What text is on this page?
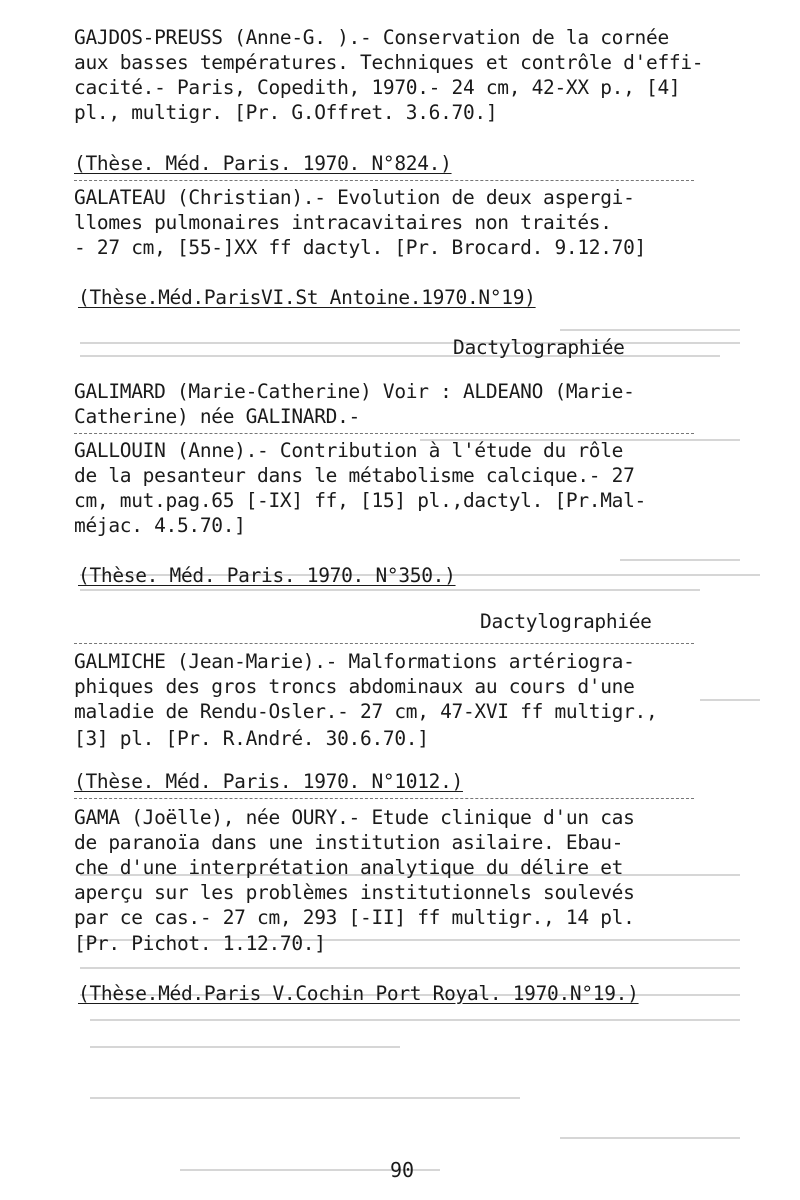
GAJDOS-PREUSS (Anne-G. ).- Conservation de la cornée
aux basses températures. Techniques et contrôle d'effi-
cacité.- Paris, Copedith, 1970.- 24 cm, 42-XX p., [4]
pl., multigr. [Pr. G.Offret. 3.6.70.]
(Thèse. Méd. Paris. 1970. N°824.)
GALATEAU (Christian).- Evolution de deux aspergi-
llomes pulmonaires intracavitaires non traités.
- 27 cm, [55-]XX ff dactyl. [Pr. Brocard. 9.12.70]
(Thèse.Méd.ParisVI.St Antoine.1970.N°19)
Dactylographiée
GALIMARD (Marie-Catherine) Voir : ALDEANO (Marie-
Catherine) née GALINARD.-
GALLOUIN (Anne).- Contribution à l'étude du rôle
de la pesanteur dans le métabolisme calcique.- 27
cm, mut.pag.65 [-IX] ff, [15] pl.,dactyl. [Pr.Mal-
méjac. 4.5.70.]
(Thèse. Méd. Paris. 1970. N°350.)
Dactylographiée
GALMICHE (Jean-Marie).- Malformations artériogra-
phiques des gros troncs abdominaux au cours d'une
maladie de Rendu-Osler.- 27 cm, 47-XVI ff multigr.,
[3] pl. [Pr. R.André. 30.6.70.]
(Thèse. Méd. Paris. 1970. N°1012.)
GAMA (Joëlle), née OURY.- Etude clinique d'un cas
de paranoïa dans une institution asilaire. Ebau-
che d'une interprétation analytique du délire et
aperçu sur les problèmes institutionnels soulevés
par ce cas.- 27 cm, 293 [-II] ff multigr., 14 pl.
[Pr. Pichot. 1.12.70.]
(Thèse.Méd.Paris V.Cochin Port Royal. 1970.N°19.)
90
